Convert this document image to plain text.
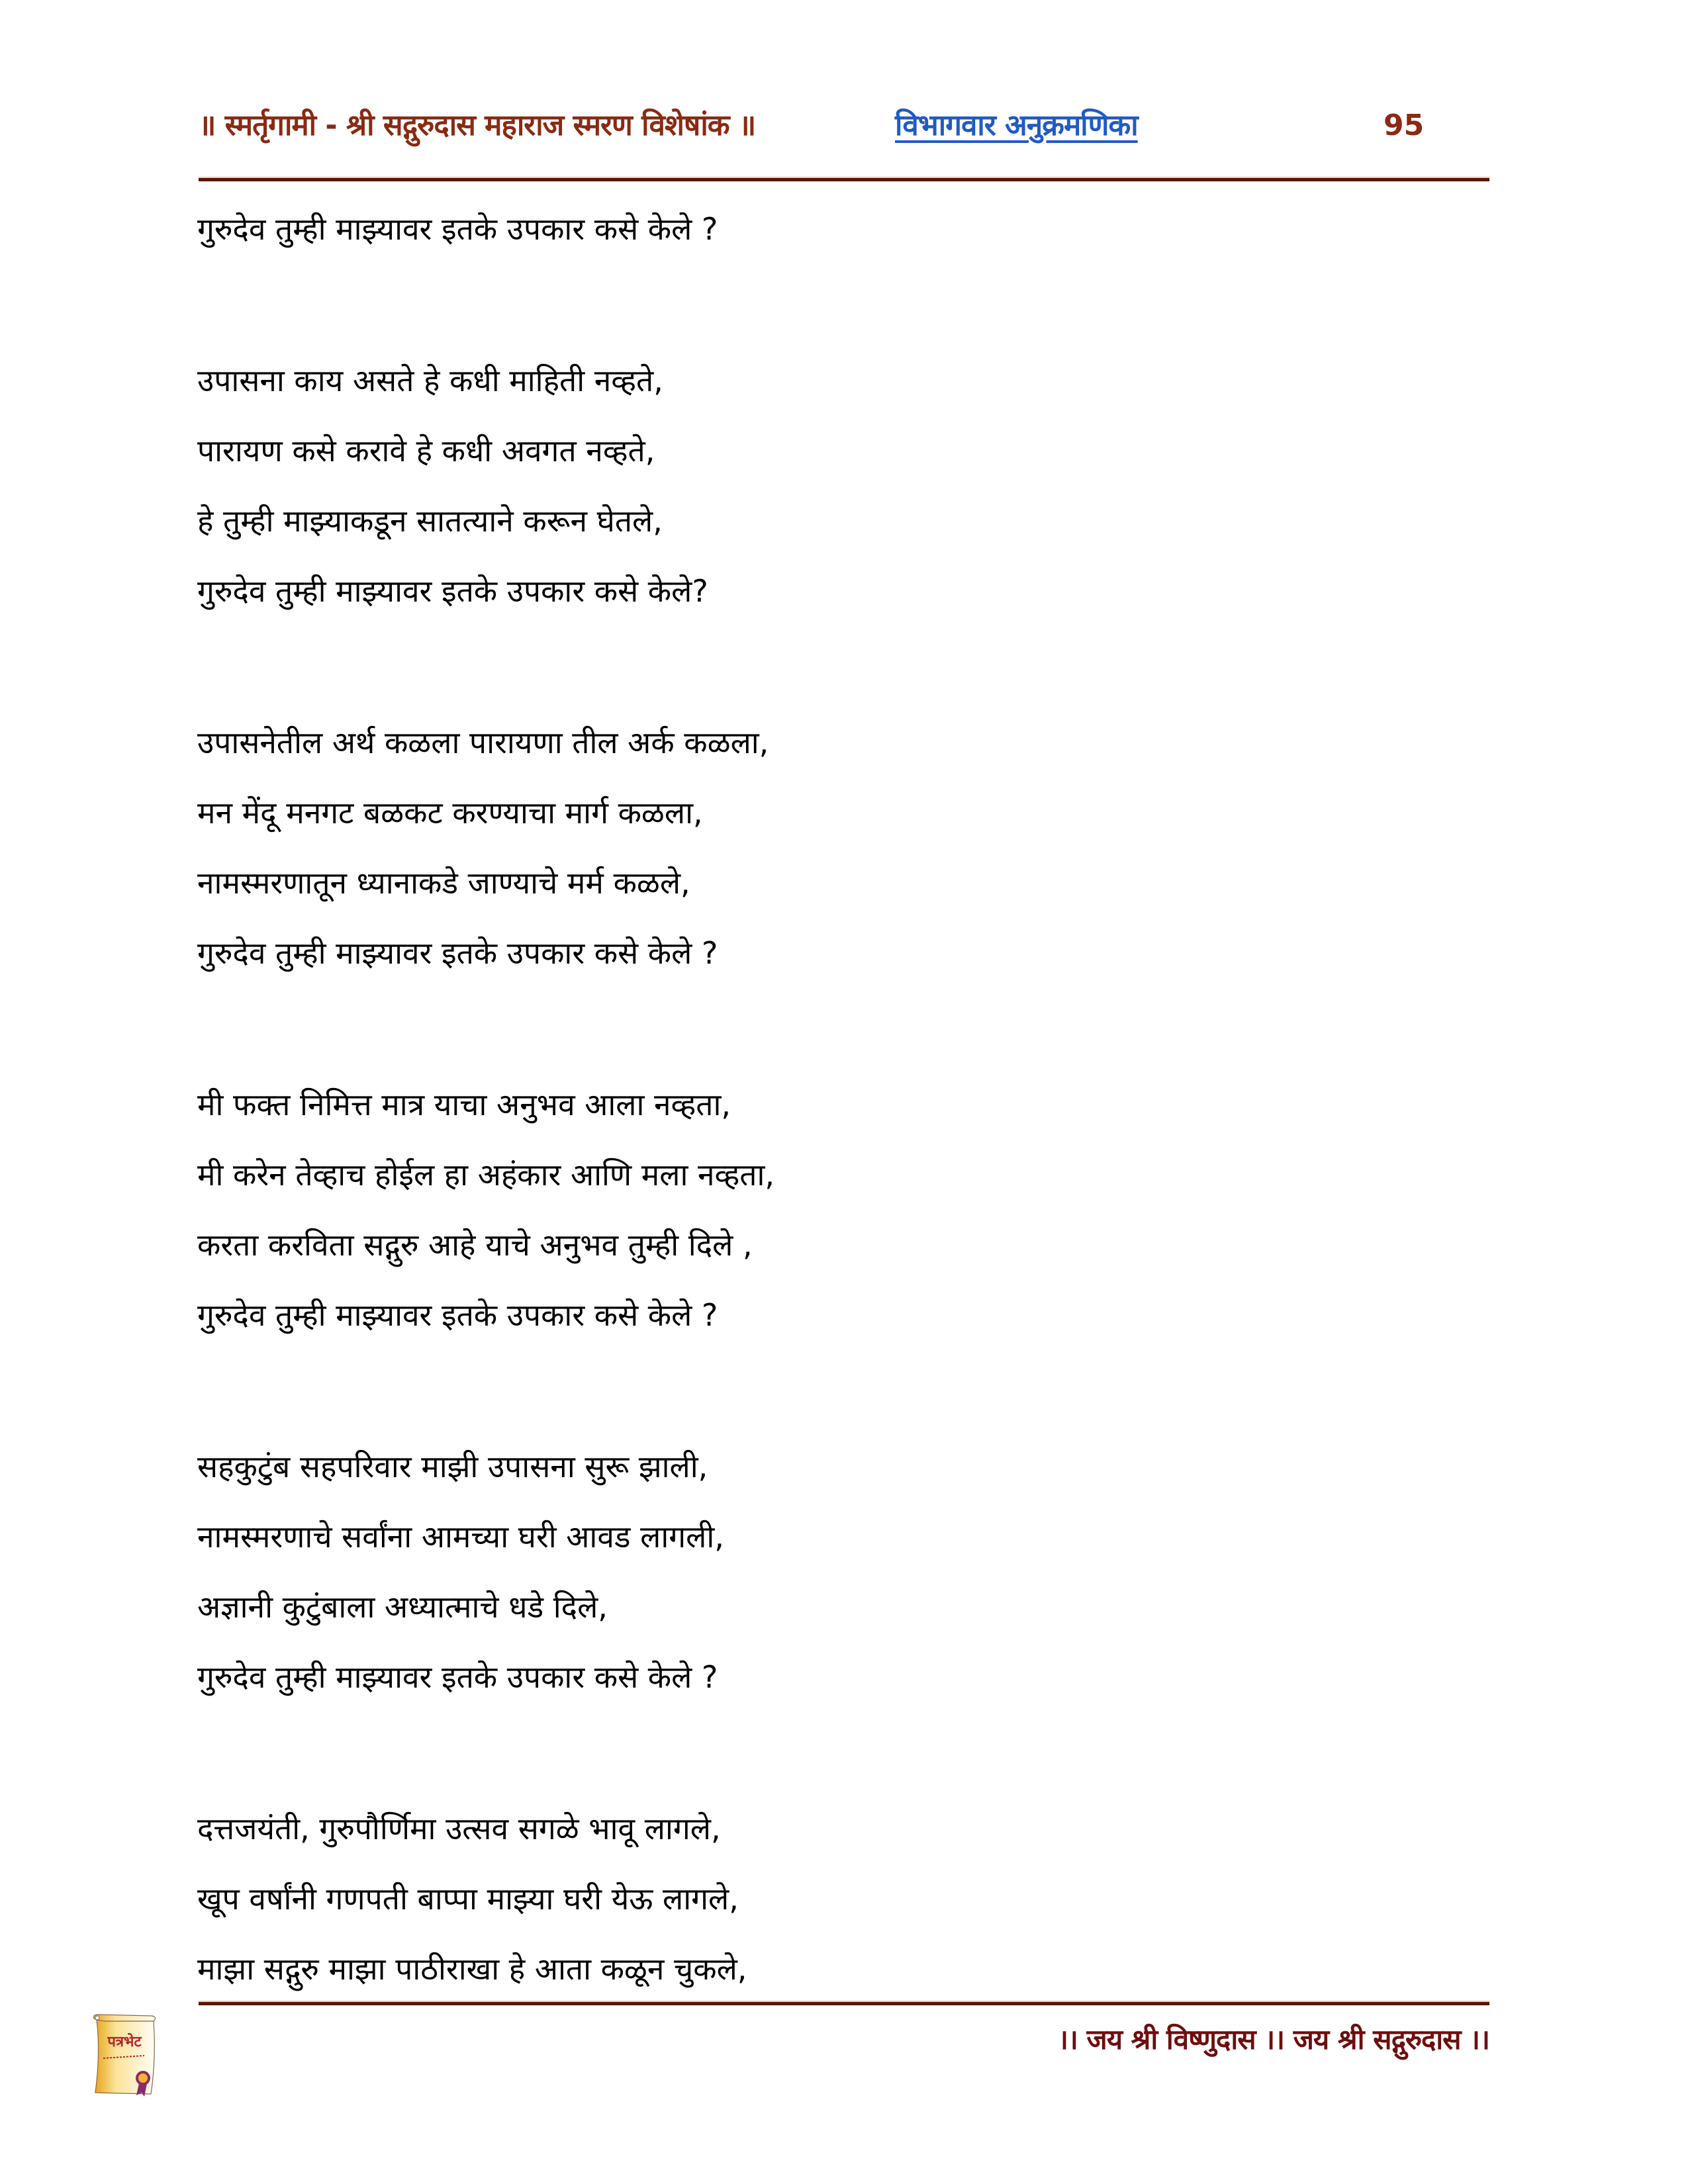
॥ स्मर्तृगामी - श्री सद्गुरुदास महाराज स्मरण विशेषांक ॥	विभागवार अनुक्रमणिका	95
गुरुदेव तुम्ही माझ्यावर इतके उपकार कसे केले ?
उपासना काय असते हे कधी माहिती नव्हते,
पारायण कसे करावे हे कधी अवगत नव्हते,
हे तुम्ही माझ्याकडून सातत्याने करून घेतले,
गुरुदेव तुम्ही माझ्यावर इतके उपकार कसे केले?
उपासनेतील अर्थ कळला पारायणा तील अर्क कळला,
मन मेंदू मनगट बळकट करण्याचा मार्ग कळला,
नामस्मरणातून ध्यानाकडे जाण्याचे मर्म कळले,
गुरुदेव तुम्ही माझ्यावर इतके उपकार कसे केले ?
मी फक्त निमित्त मात्र याचा अनुभव आला नव्हता,
मी करेन तेव्हाच होईल हा अहंकार आणि मला नव्हता,
करता करविता सद्गुरु आहे याचे अनुभव तुम्ही दिले ,
गुरुदेव तुम्ही माझ्यावर इतके उपकार कसे केले ?
सहकुटुंब सहपरिवार माझी उपासना सुरू झाली,
नामस्मरणाचे सर्वांना आमच्या घरी आवड लागली,
अज्ञानी कुटुंबाला अध्यात्माचे धडे दिले,
गुरुदेव तुम्ही माझ्यावर इतके उपकार कसे केले ?
दत्तजयंती, गुरुपौर्णिमा उत्सव सगळे भावू लागले,
खूप वर्षांनी गणपती बाप्पा माझ्या घरी येऊ लागले,
माझा सद्गुरु माझा पाठीराखा हे आता कळून चुकले,
पत्रभेट	।। जय श्री विष्णुदास ।। जय श्री सद्गुरुदास ।।
